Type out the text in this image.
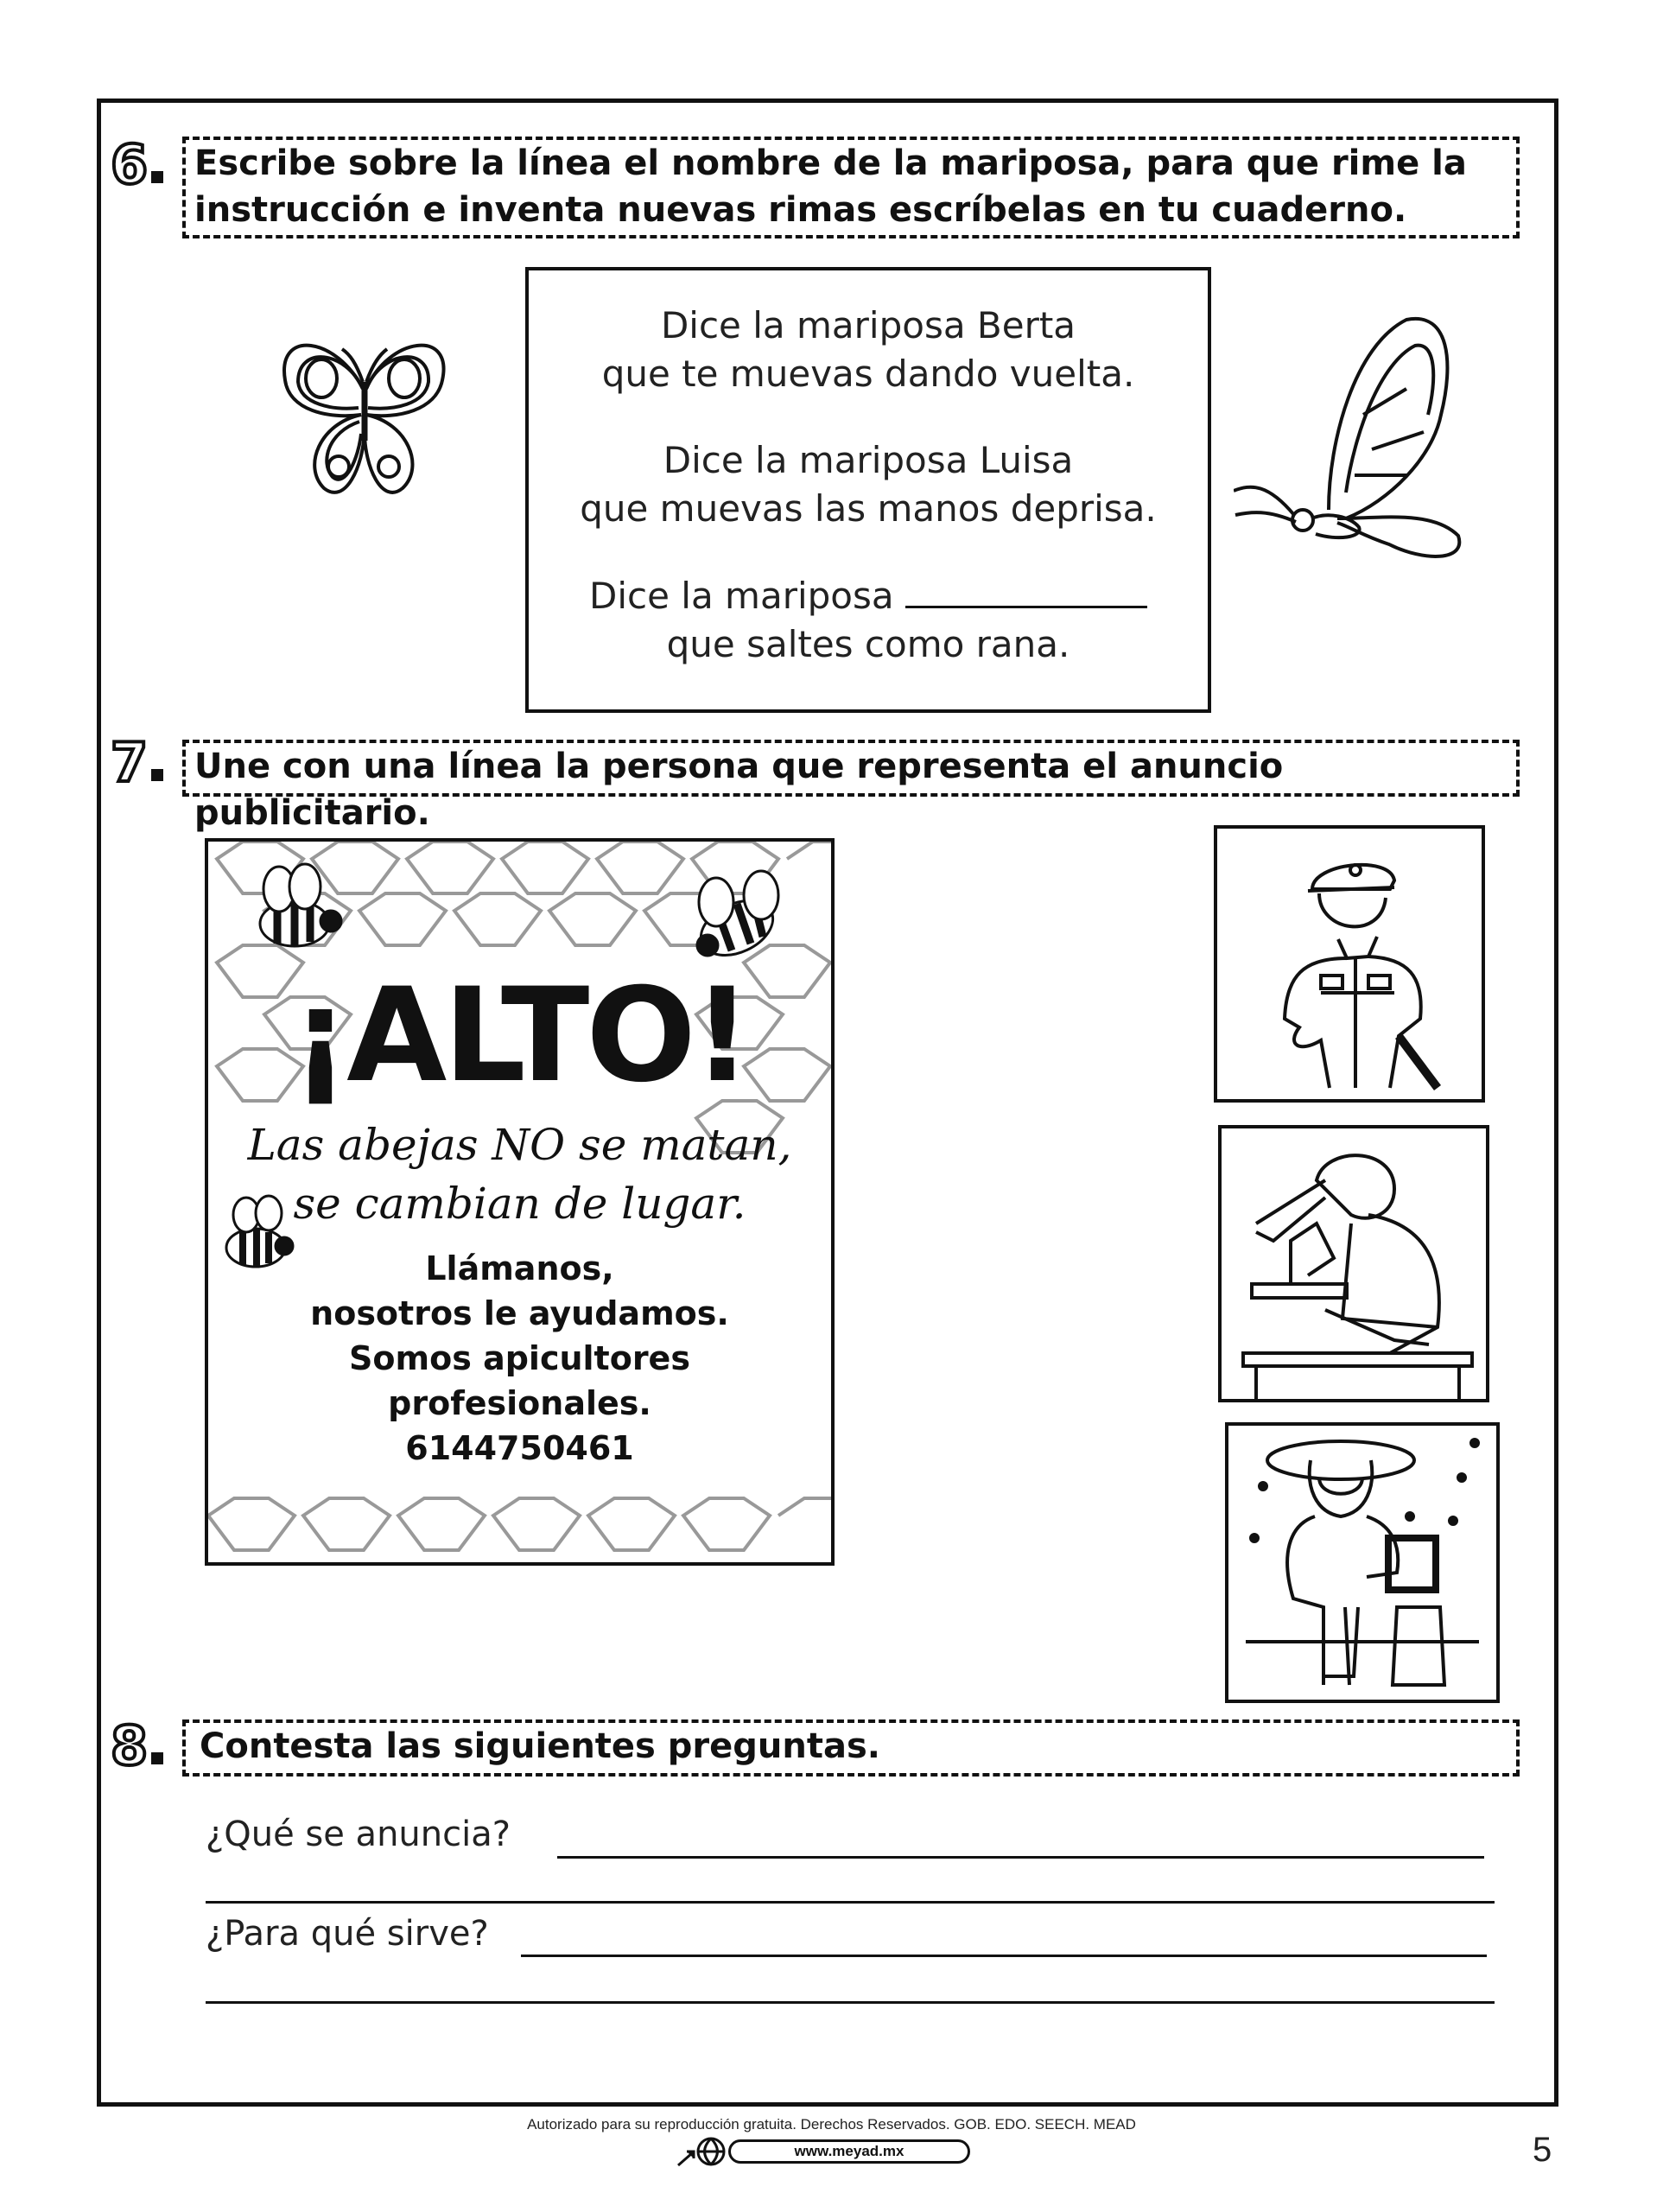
6	Escribe sobre la línea el nombre de la mariposa, para que rime la
instrucción e inventa nuevas rimas escríbelas en tu cuaderno.
Dice la mariposa Berta
que te muevas dando vuelta.
Dice la mariposa Luisa
que muevas las manos deprisa.
Dice la mariposa
que saltes como rana.
7	Une con una línea la persona que representa el anuncio publicitario.
¡ALTO!
Las abejas NO se matan,
se cambian de lugar.
Llámanos,
nosotros le ayudamos.
Somos apicultores
profesionales.
6144750461
8	Contesta las siguientes preguntas.
¿Qué se anuncia?
¿Para qué sirve?
Autorizado para su reproducción gratuita. Derechos Reservados. GOB. EDO. SEECH. MEAD
www.meyad.mx	5
